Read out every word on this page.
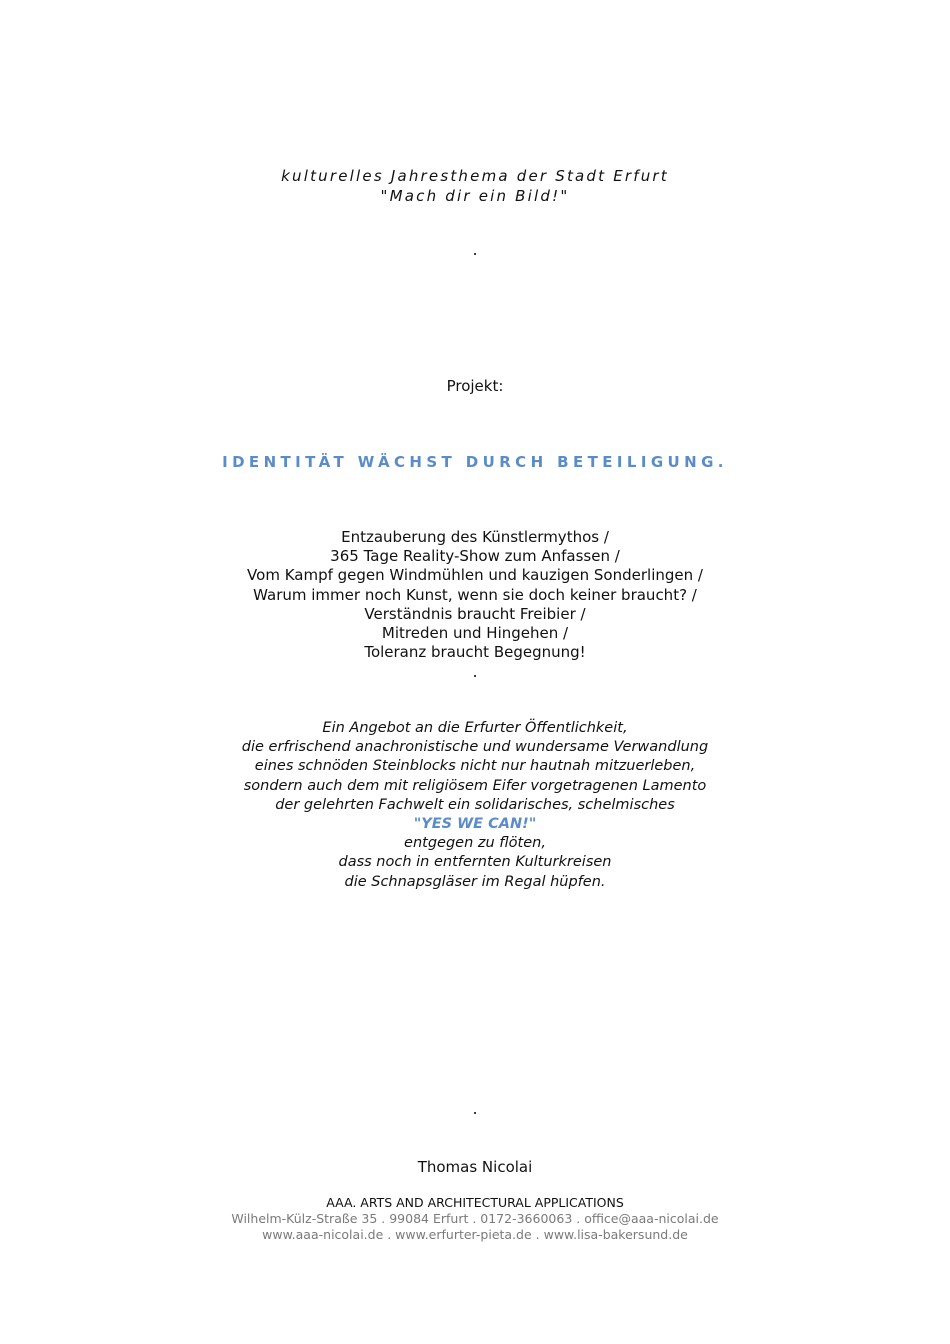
kulturelles Jahresthema der Stadt Erfurt
"Mach dir ein Bild!"
.
Projekt:
IDENTITÄT WÄCHST DURCH BETEILIGUNG.
Entzauberung des Künstlermythos /
365 Tage Reality-Show zum Anfassen /
Vom Kampf gegen Windmühlen und kauzigen Sonderlingen /
Warum immer noch Kunst, wenn sie doch keiner braucht? /
Verständnis braucht Freibier /
Mitreden und Hingehen /
Toleranz braucht Begegnung!
.
Ein Angebot an die Erfurter Öffentlichkeit,
die erfrischend anachronistische und wundersame Verwandlung
eines schnöden Steinblocks nicht nur hautnah mitzuerleben,
sondern auch dem mit religiösem Eifer vorgetragenen Lamento
der gelehrten Fachwelt ein solidarisches, schelmisches
"YES WE CAN!"
entgegen zu flöten,
dass noch in entfernten Kulturkreisen
die Schnapsgläser im Regal hüpfen.
.
Thomas Nicolai
AAA. ARTS AND ARCHITECTURAL APPLICATIONS
Wilhelm-Külz-Straße 35 . 99084 Erfurt . 0172-3660063 . office@aaa-nicolai.de
www.aaa-nicolai.de . www.erfurter-pieta.de . www.lisa-bakersund.de
